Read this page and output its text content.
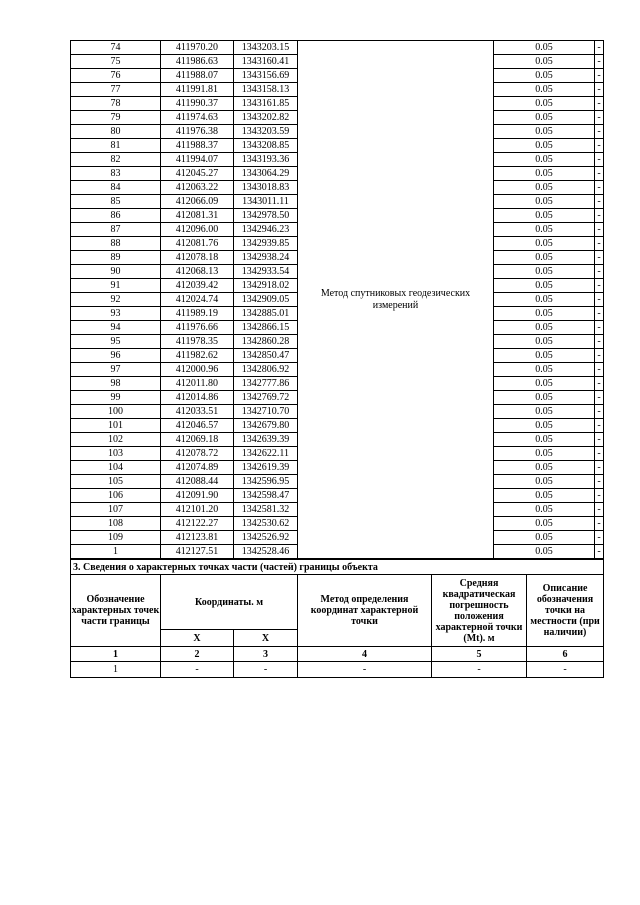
74	411970.20	1343203.15	Метод спутниковых геодезических измерений	0.05	-
75	411986.63	1343160.41		0.05	-
76	411988.07	1343156.69		0.05	-
77	411991.81	1343158.13		0.05	-
78	411990.37	1343161.85		0.05	-
79	411974.63	1343202.82		0.05	-
80	411976.38	1343203.59		0.05	-
81	411988.37	1343208.85		0.05	-
82	411994.07	1343193.36		0.05	-
83	412045.27	1343064.29		0.05	-
84	412063.22	1343018.83		0.05	-
85	412066.09	1343011.11		0.05	-
86	412081.31	1342978.50		0.05	-
87	412096.00	1342946.23		0.05	-
88	412081.76	1342939.85		0.05	-
89	412078.18	1342938.24		0.05	-
90	412068.13	1342933.54		0.05	-
91	412039.42	1342918.02		0.05	-
92	412024.74	1342909.05		0.05	-
93	411989.19	1342885.01		0.05	-
94	411976.66	1342866.15		0.05	-
95	411978.35	1342860.28		0.05	-
96	411982.62	1342850.47		0.05	-
97	412000.96	1342806.92		0.05	-
98	412011.80	1342777.86		0.05	-
99	412014.86	1342769.72		0.05	-
100	412033.51	1342710.70		0.05	-
101	412046.57	1342679.80		0.05	-
102	412069.18	1342639.39		0.05	-
103	412078.72	1342622.11		0.05	-
104	412074.89	1342619.39		0.05	-
105	412088.44	1342596.95		0.05	-
106	412091.90	1342598.47		0.05	-
107	412101.20	1342581.32		0.05	-
108	412122.27	1342530.62		0.05	-
109	412123.81	1342526.92		0.05	-
1	412127.51	1342528.46		0.05	-
3. Сведения о характерных точках части (частей) границы объекта					
Обозначение характерных точек части границы	Координаты. м		Метод определения координат характерной точки	Средняя квадратическая погрешность положения характерной точки (Mt). м	Описание обозначения точки на местности (при наличии)
	X	X			
1	2	3	4	5	6
1	-	-	-	-	-
